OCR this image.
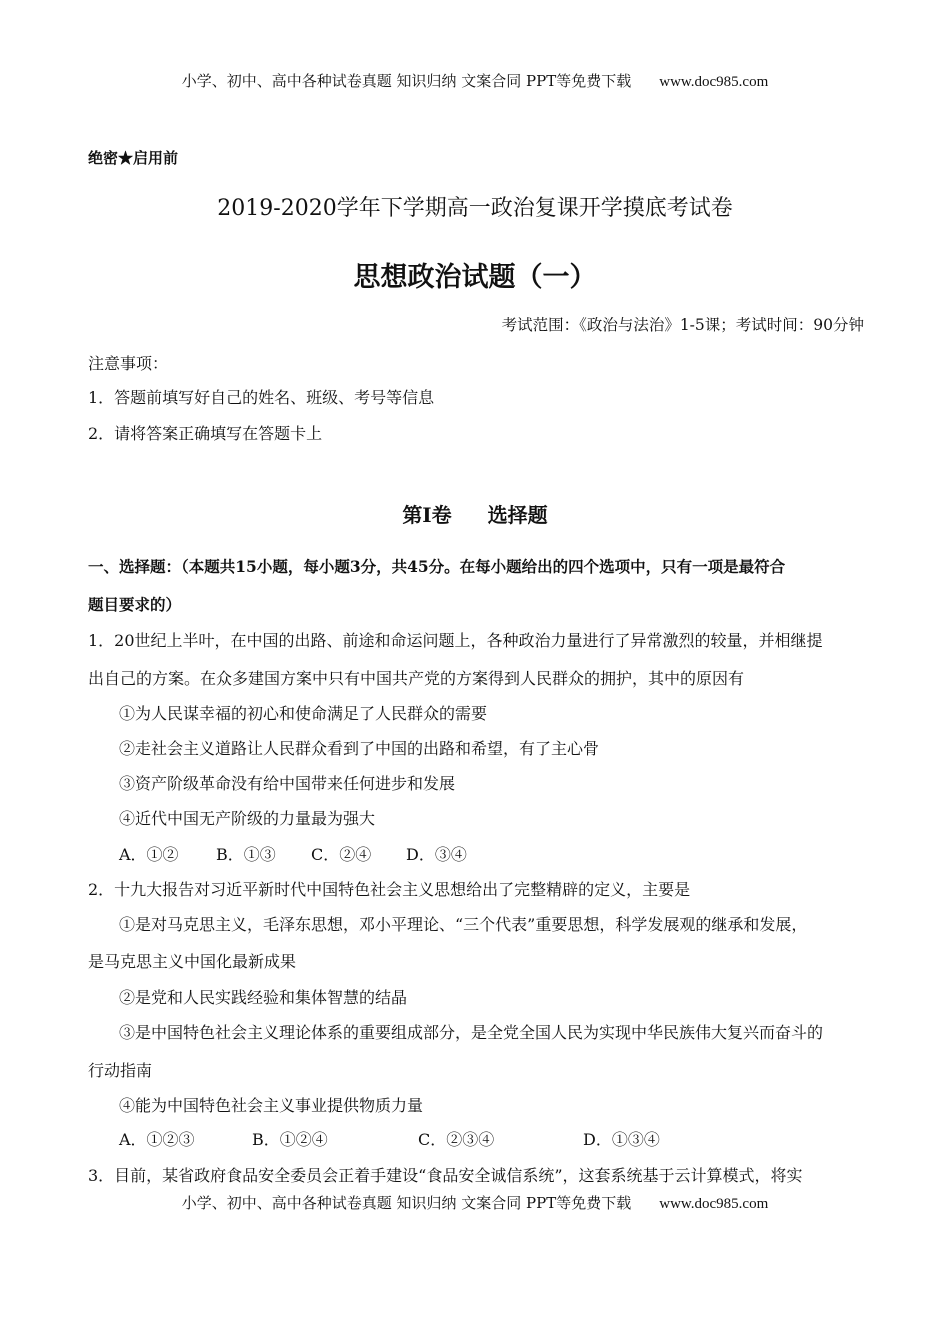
小学、初中、高中各种试卷真题 知识归纳 文案合同 PPT等免费下载 www.doc985.com
绝密★启用前
2019-2020学年下学期高一政治复课开学摸底考试卷
思想政治试题（一）
考试范围：《政治与法治》1-5课；考试时间：90分钟
注意事项：
1．答题前填写好自己的姓名、班级、考号等信息
2．请将答案正确填写在答题卡上
第I卷 选择题
一、选择题：（本题共15小题，每小题3分，共45分。在每小题给出的四个选项中，只有一项是最符合
题目要求的）
1．20世纪上半叶，在中国的出路、前途和命运问题上，各种政治力量进行了异常激烈的较量，并相继提
出自己的方案。在众多建国方案中只有中国共产党的方案得到人民群众的拥护，其中的原因有
①为人民谋幸福的初心和使命满足了人民群众的需要
②走社会主义道路让人民群众看到了中国的出路和希望，有了主心骨
③资产阶级革命没有给中国带来任何进步和发展
④近代中国无产阶级的力量最为强大
A．①② B．①③ C．②④ D．③④
2．十九大报告对习近平新时代中国特色社会主义思想给出了完整精辟的定义，主要是
①是对马克思主义，毛泽东思想，邓小平理论、“三个代表”重要思想，科学发展观的继承和发展，
是马克思主义中国化最新成果
②是党和人民实践经验和集体智慧的结晶
③是中国特色社会主义理论体系的重要组成部分，是全党全国人民为实现中华民族伟大复兴而奋斗的
行动指南
④能为中国特色社会主义事业提供物质力量
A．①②③	B．①②④	C．②③④	D．①③④
3．目前，某省政府食品安全委员会正着手建设“食品安全诚信系统”，这套系统基于云计算模式，将实
小学、初中、高中各种试卷真题 知识归纳 文案合同 PPT等免费下载 www.doc985.com
